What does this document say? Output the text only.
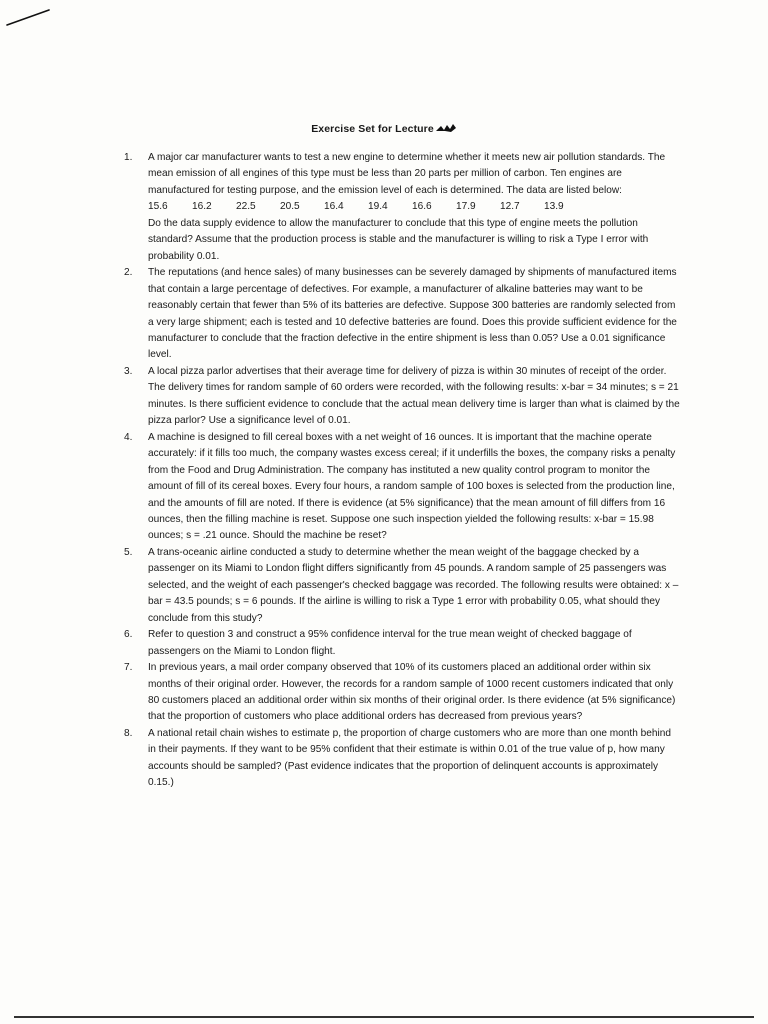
Exercise Set for Lecture
1. A major car manufacturer wants to test a new engine to determine whether it meets new air pollution standards. The mean emission of all engines of this type must be less than 20 parts per million of carbon. Ten engines are manufactured for testing purpose, and the emission level of each is determined. The data are listed below:
15.6	16.2	22.5	20.5	16.4	19.4	16.6	17.9	12.7	13.9
Do the data supply evidence to allow the manufacturer to conclude that this type of engine meets the pollution standard? Assume that the production process is stable and the manufacturer is willing to risk a Type I error with probability 0.01.
2. The reputations (and hence sales) of many businesses can be severely damaged by shipments of manufactured items that contain a large percentage of defectives. For example, a manufacturer of alkaline batteries may want to be reasonably certain that fewer than 5% of its batteries are defective. Suppose 300 batteries are randomly selected from a very large shipment; each is tested and 10 defective batteries are found. Does this provide sufficient evidence for the manufacturer to conclude that the fraction defective in the entire shipment is less than 0.05? Use a 0.01 significance level.
3. A local pizza parlor advertises that their average time for delivery of pizza is within 30 minutes of receipt of the order. The delivery times for random sample of 60 orders were recorded, with the following results: x-bar = 34 minutes; s = 21 minutes. Is there sufficient evidence to conclude that the actual mean delivery time is larger than what is claimed by the pizza parlor? Use a significance level of 0.01.
4. A machine is designed to fill cereal boxes with a net weight of 16 ounces. It is important that the machine operate accurately: if it fills too much, the company wastes excess cereal; if it underfills the boxes, the company risks a penalty from the Food and Drug Administration. The company has instituted a new quality control program to monitor the amount of fill of its cereal boxes. Every four hours, a random sample of 100 boxes is selected from the production line, and the amounts of fill are noted. If there is evidence (at 5% significance) that the mean amount of fill differs from 16 ounces, then the filling machine is reset. Suppose one such inspection yielded the following results: x-bar = 15.98 ounces; s = .21 ounce. Should the machine be reset?
5. A trans-oceanic airline conducted a study to determine whether the mean weight of the baggage checked by a passenger on its Miami to London flight differs significantly from 45 pounds. A random sample of 25 passengers was selected, and the weight of each passenger's checked baggage was recorded. The following results were obtained: x – bar = 43.5 pounds; s = 6 pounds. If the airline is willing to risk a Type 1 error with probability 0.05, what should they conclude from this study?
6. Refer to question 3 and construct a 95% confidence interval for the true mean weight of checked baggage of passengers on the Miami to London flight.
7. In previous years, a mail order company observed that 10% of its customers placed an additional order within six months of their original order. However, the records for a random sample of 1000 recent customers indicated that only 80 customers placed an additional order within six months of their original order. Is there evidence (at 5% significance) that the proportion of customers who place additional orders has decreased from previous years?
8. A national retail chain wishes to estimate p, the proportion of charge customers who are more than one month behind in their payments. If they want to be 95% confident that their estimate is within 0.01 of the true value of p, how many accounts should be sampled? (Past evidence indicates that the proportion of delinquent accounts is approximately 0.15.)
